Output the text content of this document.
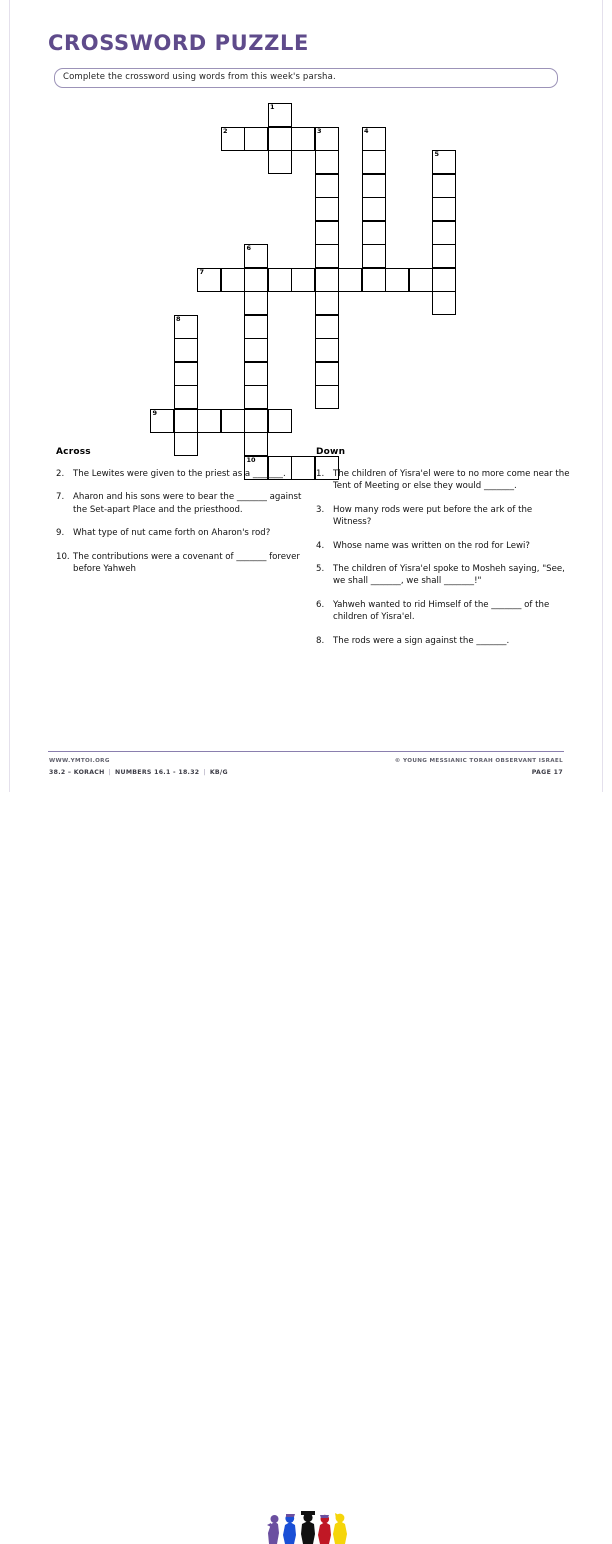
CROSSWORD PUZZLE
Complete the crossword using words from this week's parsha.
1
2	3	4
5
6
7
8
9
10
Across
2.	The Lewites were given to the priest as a _______.
7.	Aharon and his sons were to bear the _______ against the Set-apart Place and the priesthood.
9.	What type of nut came forth on Aharon's rod?
10. The contributions were a covenant of _______ forever before Yahweh
Down
1.	The children of Yisra'el were to no more come near the Tent of Meeting or else they would _______.
3.	How many rods were put before the ark of the Witness?
4.	Whose name was written on the rod for Lewi?
5.	The children of Yisra'el spoke to Mosheh saying, "See, we shall _______, we shall _______!"
6.	Yahweh wanted to rid Himself of the _______ of the children of Yisra'el.
8.	The rods were a sign against the _______.
WWW.YMTOI.ORG
38.2 – KORACH | NUMBERS 16.1 - 18.32 | KB/G
© YOUNG MESSIANIC TORAH OBSERVANT ISRAEL
PAGE 17
